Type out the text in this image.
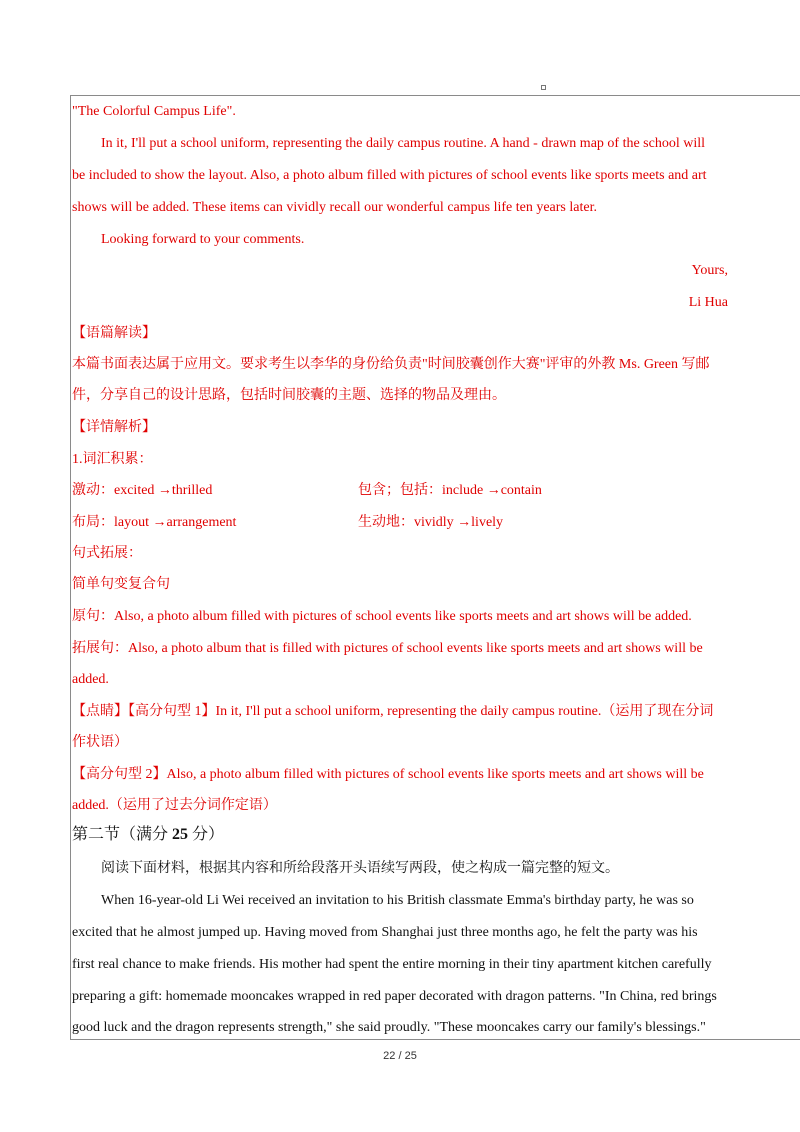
"The Colorful Campus Life".
In it, I'll put a school uniform, representing the daily campus routine. A hand - drawn map of the school will
be included to show the layout. Also, a photo album filled with pictures of school events like sports meets and art
shows will be added. These items can vividly recall our wonderful campus life ten years later.
Looking forward to your comments.
Yours,
Li Hua
【语篇解读】
本篇书面表达属于应用文。要求考生以李华的身份给负责"时间胶囊创作大赛"评审的外教 Ms. Green 写邮
件，分享自己的设计思路，包括时间胶囊的主题、选择的物品及理由。
【详情解析】
1.词汇积累：
激动：excited →thrilled	包含；包括：include →contain
布局：layout →arrangement	生动地：vividly →lively
句式拓展：
简单句变复合句
原句：Also, a photo album filled with pictures of school events like sports meets and art shows will be added.
拓展句：Also, a photo album that is filled with pictures of school events like sports meets and art shows will be
added.
【点睛】【高分句型 1】In it, I'll put a school uniform, representing the daily campus routine.（运用了现在分词
作状语）
【高分句型 2】Also, a photo album filled with pictures of school events like sports meets and art shows will be
added.（运用了过去分词作定语）
第二节（满分 25 分）
阅读下面材料，根据其内容和所给段落开头语续写两段，使之构成一篇完整的短文。
When 16-year-old Li Wei received an invitation to his British classmate Emma's birthday party, he was so
excited that he almost jumped up. Having moved from Shanghai just three months ago, he felt the party was his
first real chance to make friends. His mother had spent the entire morning in their tiny apartment kitchen carefully
preparing a gift: homemade mooncakes wrapped in red paper decorated with dragon patterns. "In China, red brings
good luck and the dragon represents strength," she said proudly. "These mooncakes carry our family's blessings."
22 / 25
